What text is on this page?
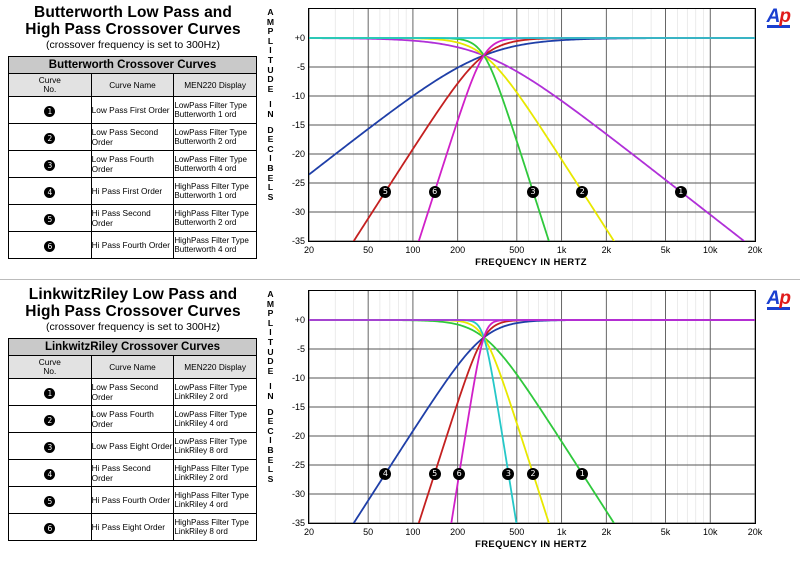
Butterworth Low Pass and
High Pass Crossover Curves
(crossover frequency is set to 300Hz)
Butterworth Crossover Curves		

Curve
No.	Curve Name	MEN220 Display
1	Low Pass First Order	LowPass Filter Type
Butterworth 1 ord

2	Low Pass Second Order	LowPass Filter Type
Butterworth 2 ord

3	Low Pass Fourth Order	LowPass Filter Type
Butterworth 4 ord

4	Hi Pass First Order	HighPass Filter Type
Butterworth 1 ord

5	Hi Pass Second Order	HighPass Filter Type
Butterworth 2 ord

6	Hi Pass Fourth Order	HighPass Filter Type
Butterworth 4 ord
A
M
P
L
I
T
U
D
E
I
N
D
E
C
I
B
E
L
S
+0
-5
-10
-15
-20
-25
-30
-35
20	50	100	200	500	1k	2k	5k	10k	20k
1
2
3
5	6
FREQUENCY IN HERTZ
Ap
LinkwitzRiley Low Pass and
High Pass Crossover Curves
(crossover frequency is set to 300Hz)
LinkwitzRiley Crossover Curves		

Curve
No.	Curve Name	MEN220 Display
1	Low Pass Second Order	LowPass Filter Type
LinkRiley 2 ord

2	Low Pass Fourth Order	LowPass Filter Type
LinkRiley 4 ord

3	Low Pass Eight Order	LowPass Filter Type
LinkRiley 8 ord

4	Hi Pass Second Order	HighPass Filter Type
LinkRiley 2 ord

5	Hi Pass Fourth Order	HighPass Filter Type
LinkRiley 4 ord

6	Hi Pass Eight Order	HighPass Filter Type
LinkRiley 8 ord
A
M
P
L
I
T
U
D
E
I
N
D
E
C
I
B
E
L
S
+0
-5
-10
-15
-20
-25
-30
-35
20	50	100	200	500	1k	2k	5k	10k	20k
1
2
3
4	5	6
FREQUENCY IN HERTZ
Ap
